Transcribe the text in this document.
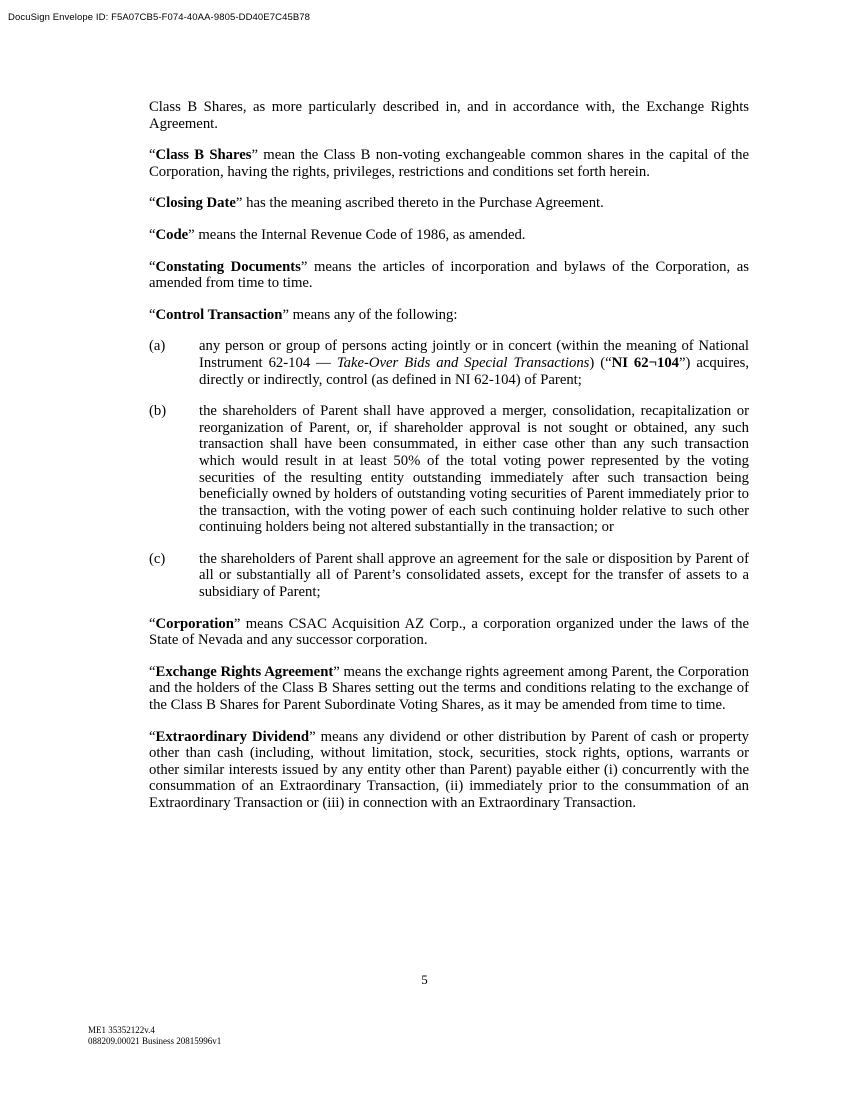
DocuSign Envelope ID: F5A07CB5-F074-40AA-9805-DD40E7C45B78

Class B Shares, as more particularly described in, and in accordance with, the Exchange Rights Agreement.

“Class B Shares” mean the Class B non-voting exchangeable common shares in the capital of the Corporation, having the rights, privileges, restrictions and conditions set forth herein.

“Closing Date” has the meaning ascribed thereto in the Purchase Agreement.

“Code” means the Internal Revenue Code of 1986, as amended.

“Constating Documents” means the articles of incorporation and bylaws of the Corporation, as amended from time to time.

“Control Transaction” means any of the following:

(a)	any person or group of persons acting jointly or in concert (within the meaning of National Instrument 62-104 — Take-Over Bids and Special Transactions) (“NI 62¬104”) acquires, directly or indirectly, control (as defined in NI 62-104) of Parent;
(b)	the shareholders of Parent shall have approved a merger, consolidation, recapitalization or reorganization of Parent, or, if shareholder approval is not sought or obtained, any such transaction shall have been consummated, in either case other than any such transaction which would result in at least 50% of the total voting power represented by the voting securities of the resulting entity outstanding immediately after such transaction being beneficially owned by holders of outstanding voting securities of Parent immediately prior to the transaction, with the voting power of each such continuing holder relative to such other continuing holders being not altered substantially in the transaction; or
(c)	the shareholders of Parent shall approve an agreement for the sale or disposition by Parent of all or substantially all of Parent’s consolidated assets, except for the transfer of assets to a subsidiary of Parent;

“Corporation” means CSAC Acquisition AZ Corp., a corporation organized under the laws of the State of Nevada and any successor corporation.

“Exchange Rights Agreement” means the exchange rights agreement among Parent, the Corporation and the holders of the Class B Shares setting out the terms and conditions relating to the exchange of the Class B Shares for Parent Subordinate Voting Shares, as it may be amended from time to time.

“Extraordinary Dividend” means any dividend or other distribution by Parent of cash or property other than cash (including, without limitation, stock, securities, stock rights, options, warrants or other similar interests issued by any entity other than Parent) payable either (i) concurrently with the consummation of an Extraordinary Transaction, (ii) immediately prior to the consummation of an Extraordinary Transaction or (iii) in connection with an Extraordinary Transaction.

5
ME1 35352122v.4
088209.00021 Business 20815996v1
